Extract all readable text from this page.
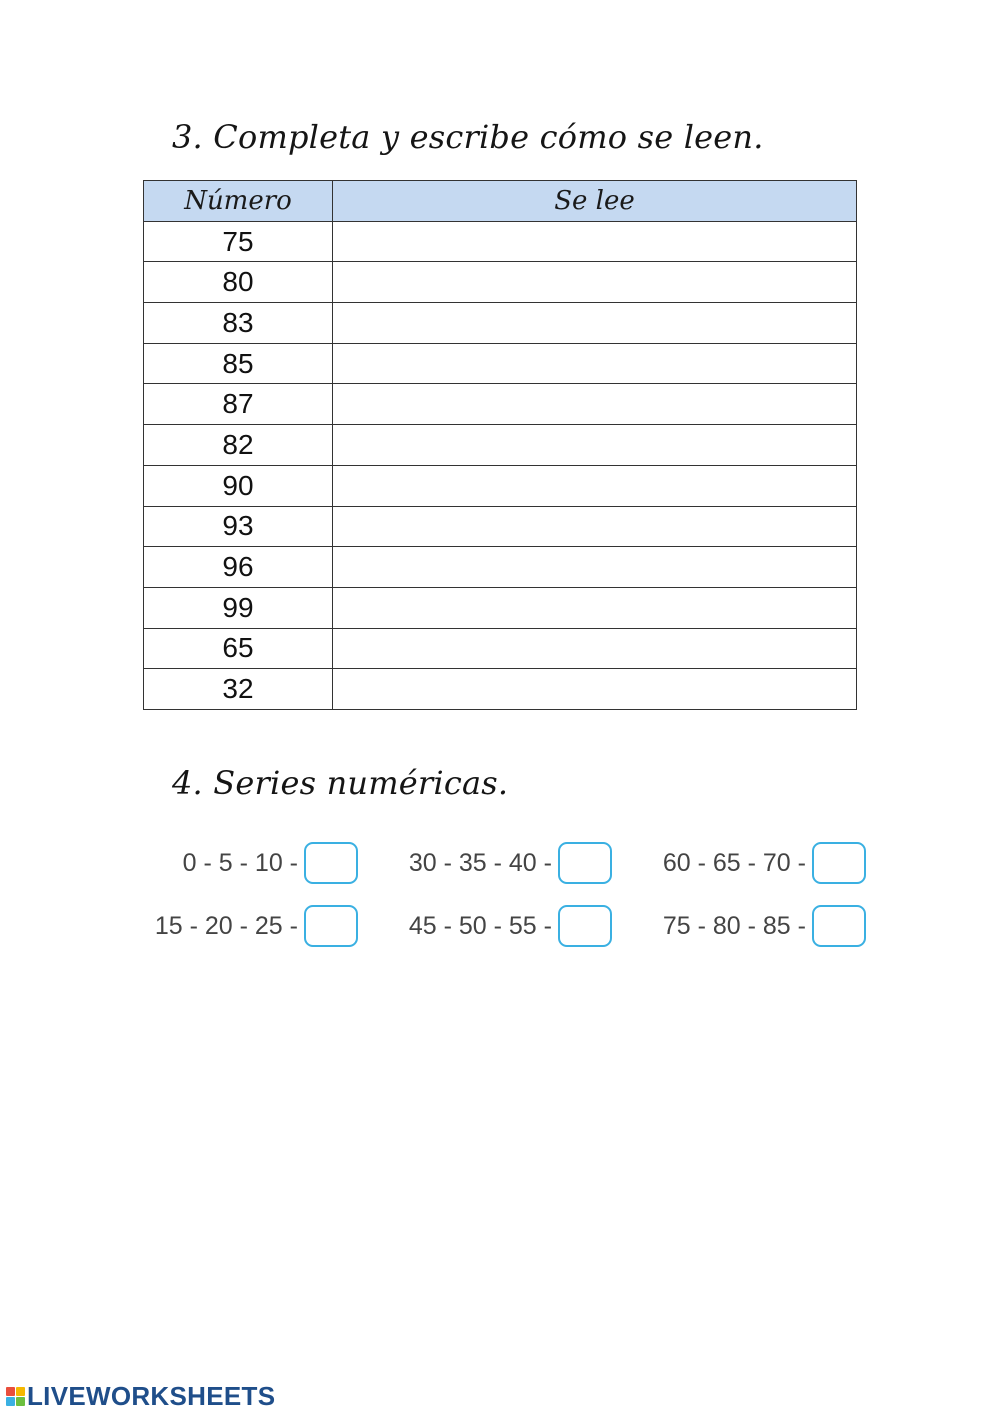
3. Completa y escribe cómo se leen.
Número	Se lee
75	
80	
83	
85	
87	
82	
90	
93	
96	
99	
65	
32	
4. Series numéricas.
0 - 5 - 10 -	30 - 35 - 40 -	60 - 65 - 70 -
15 - 20 - 25 -	45 - 50 - 55 -	75 - 80 - 85 -
LIVEWORKSHEETS
